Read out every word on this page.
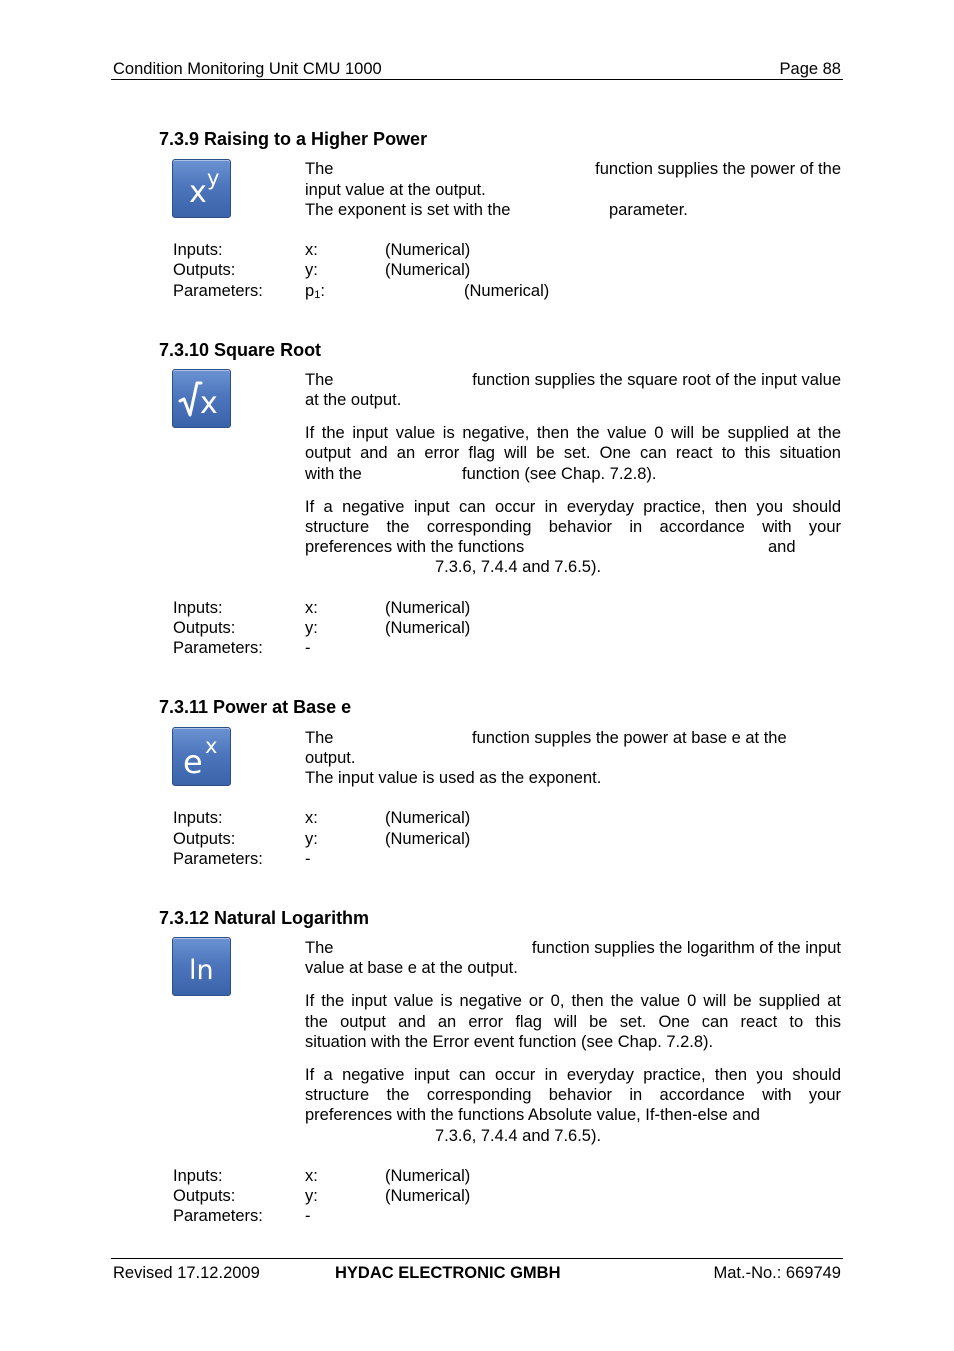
Condition Monitoring Unit CMU 1000	Page 88
7.3.9 Raising to a Higher Power
x y	The	function supplies the power of the
input value at the output.
The exponent is set with the	parameter.
Inputs:	x:	(Numerical)
Outputs:	y:	(Numerical)
Parameters:	$p_1$:	(Numerical)
7.3.10 Square Root
x
The	function supplies the square root of the input value
at the output.
If the input value is negative, then the value 0 will be supplied at the
output and an error flag will be set. One can react to this situation
with the	function (see Chap. 7.2.8).
If a negative input can occur in everyday practice, then you should
structure the corresponding behavior in accordance with your
preferences with the functions	and
7.3.6, 7.4.4 and 7.6.5).
Inputs:	x:	(Numerical)
Outputs:	y:	(Numerical)
Parameters:	-
7.3.11 Power at Base e
e x	The	function supples the power at base e at the
output.
The input value is used as the exponent.
Inputs:	x:	(Numerical)
Outputs:	y:	(Numerical)
Parameters:	-
7.3.12 Natural Logarithm
ln
The	function supplies the logarithm of the input
value at base e at the output.
If the input value is negative or 0, then the value 0 will be supplied at
the output and an error flag will be set. One can react to this
situation with the Error event function (see Chap. 7.2.8).
If a negative input can occur in everyday practice, then you should
structure the corresponding behavior in accordance with your
preferences with the functions Absolute value, If-then-else and
7.3.6, 7.4.4 and 7.6.5).
Inputs:	x:	(Numerical)
Outputs:	y:	(Numerical)
Parameters:	-
Revised 17.12.2009	HYDAC ELECTRONIC GMBH	Mat.-No.: 669749
